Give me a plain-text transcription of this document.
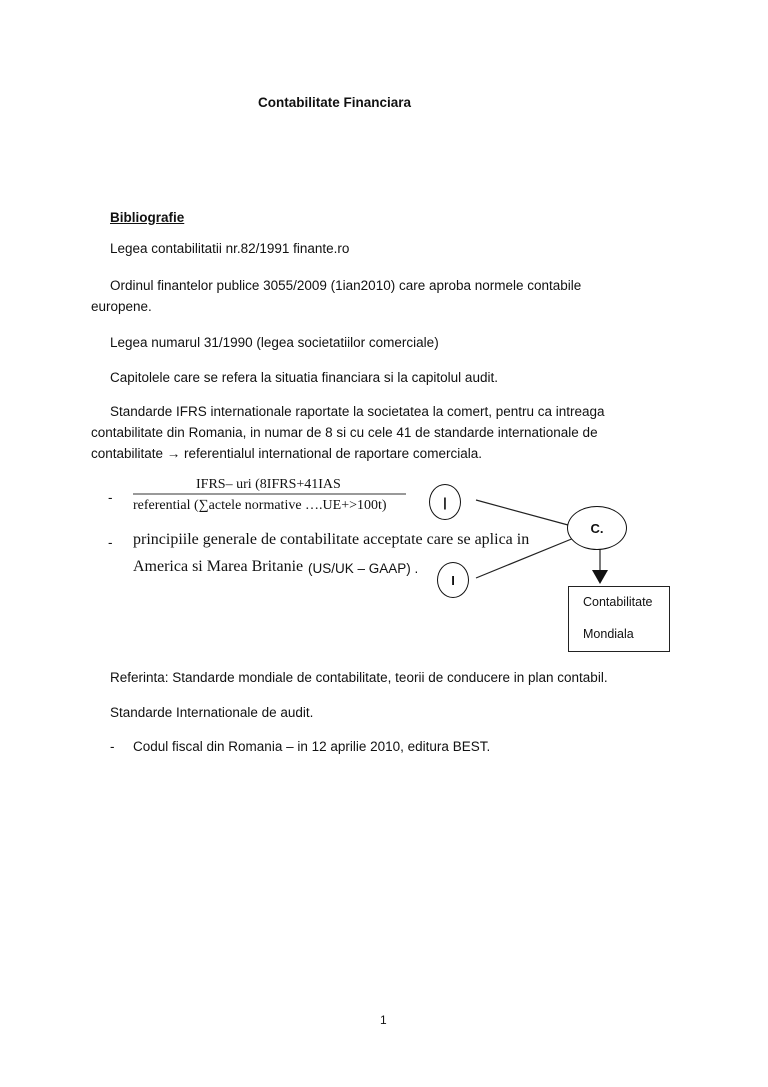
Contabilitate Financiara
Bibliografie
Legea contabilitatii nr.82/1991 finante.ro
Ordinul finantelor publice 3055/2009 (1ian2010) care aproba normele contabile
europene.
Legea numarul 31/1990 (legea societatiilor comerciale)
Capitolele care se refera la situatia financiara si la capitolul audit.
Standarde IFRS internationale raportate la societatea la comert, pentru ca intreaga
contabilitate din Romania, in numar de 8 si cu cele 41 de standarde internationale de
contabilitate → referentialul international de raportare comerciala.
-
IFRS– uri (8IFRS+41IAS
referential (∑actele normative ….UE+>100t)
- principiile generale de contabilitate acceptate care se aplica in
America si Marea Britanie (US/UK – GAAP) .
|
I
C.
Contabilitate
Mondiala
Referinta: Standarde mondiale de contabilitate, teorii de conducere in plan contabil.
Standarde Internationale de audit.
- Codul fiscal din Romania – in 12 aprilie 2010, editura BEST.
1
